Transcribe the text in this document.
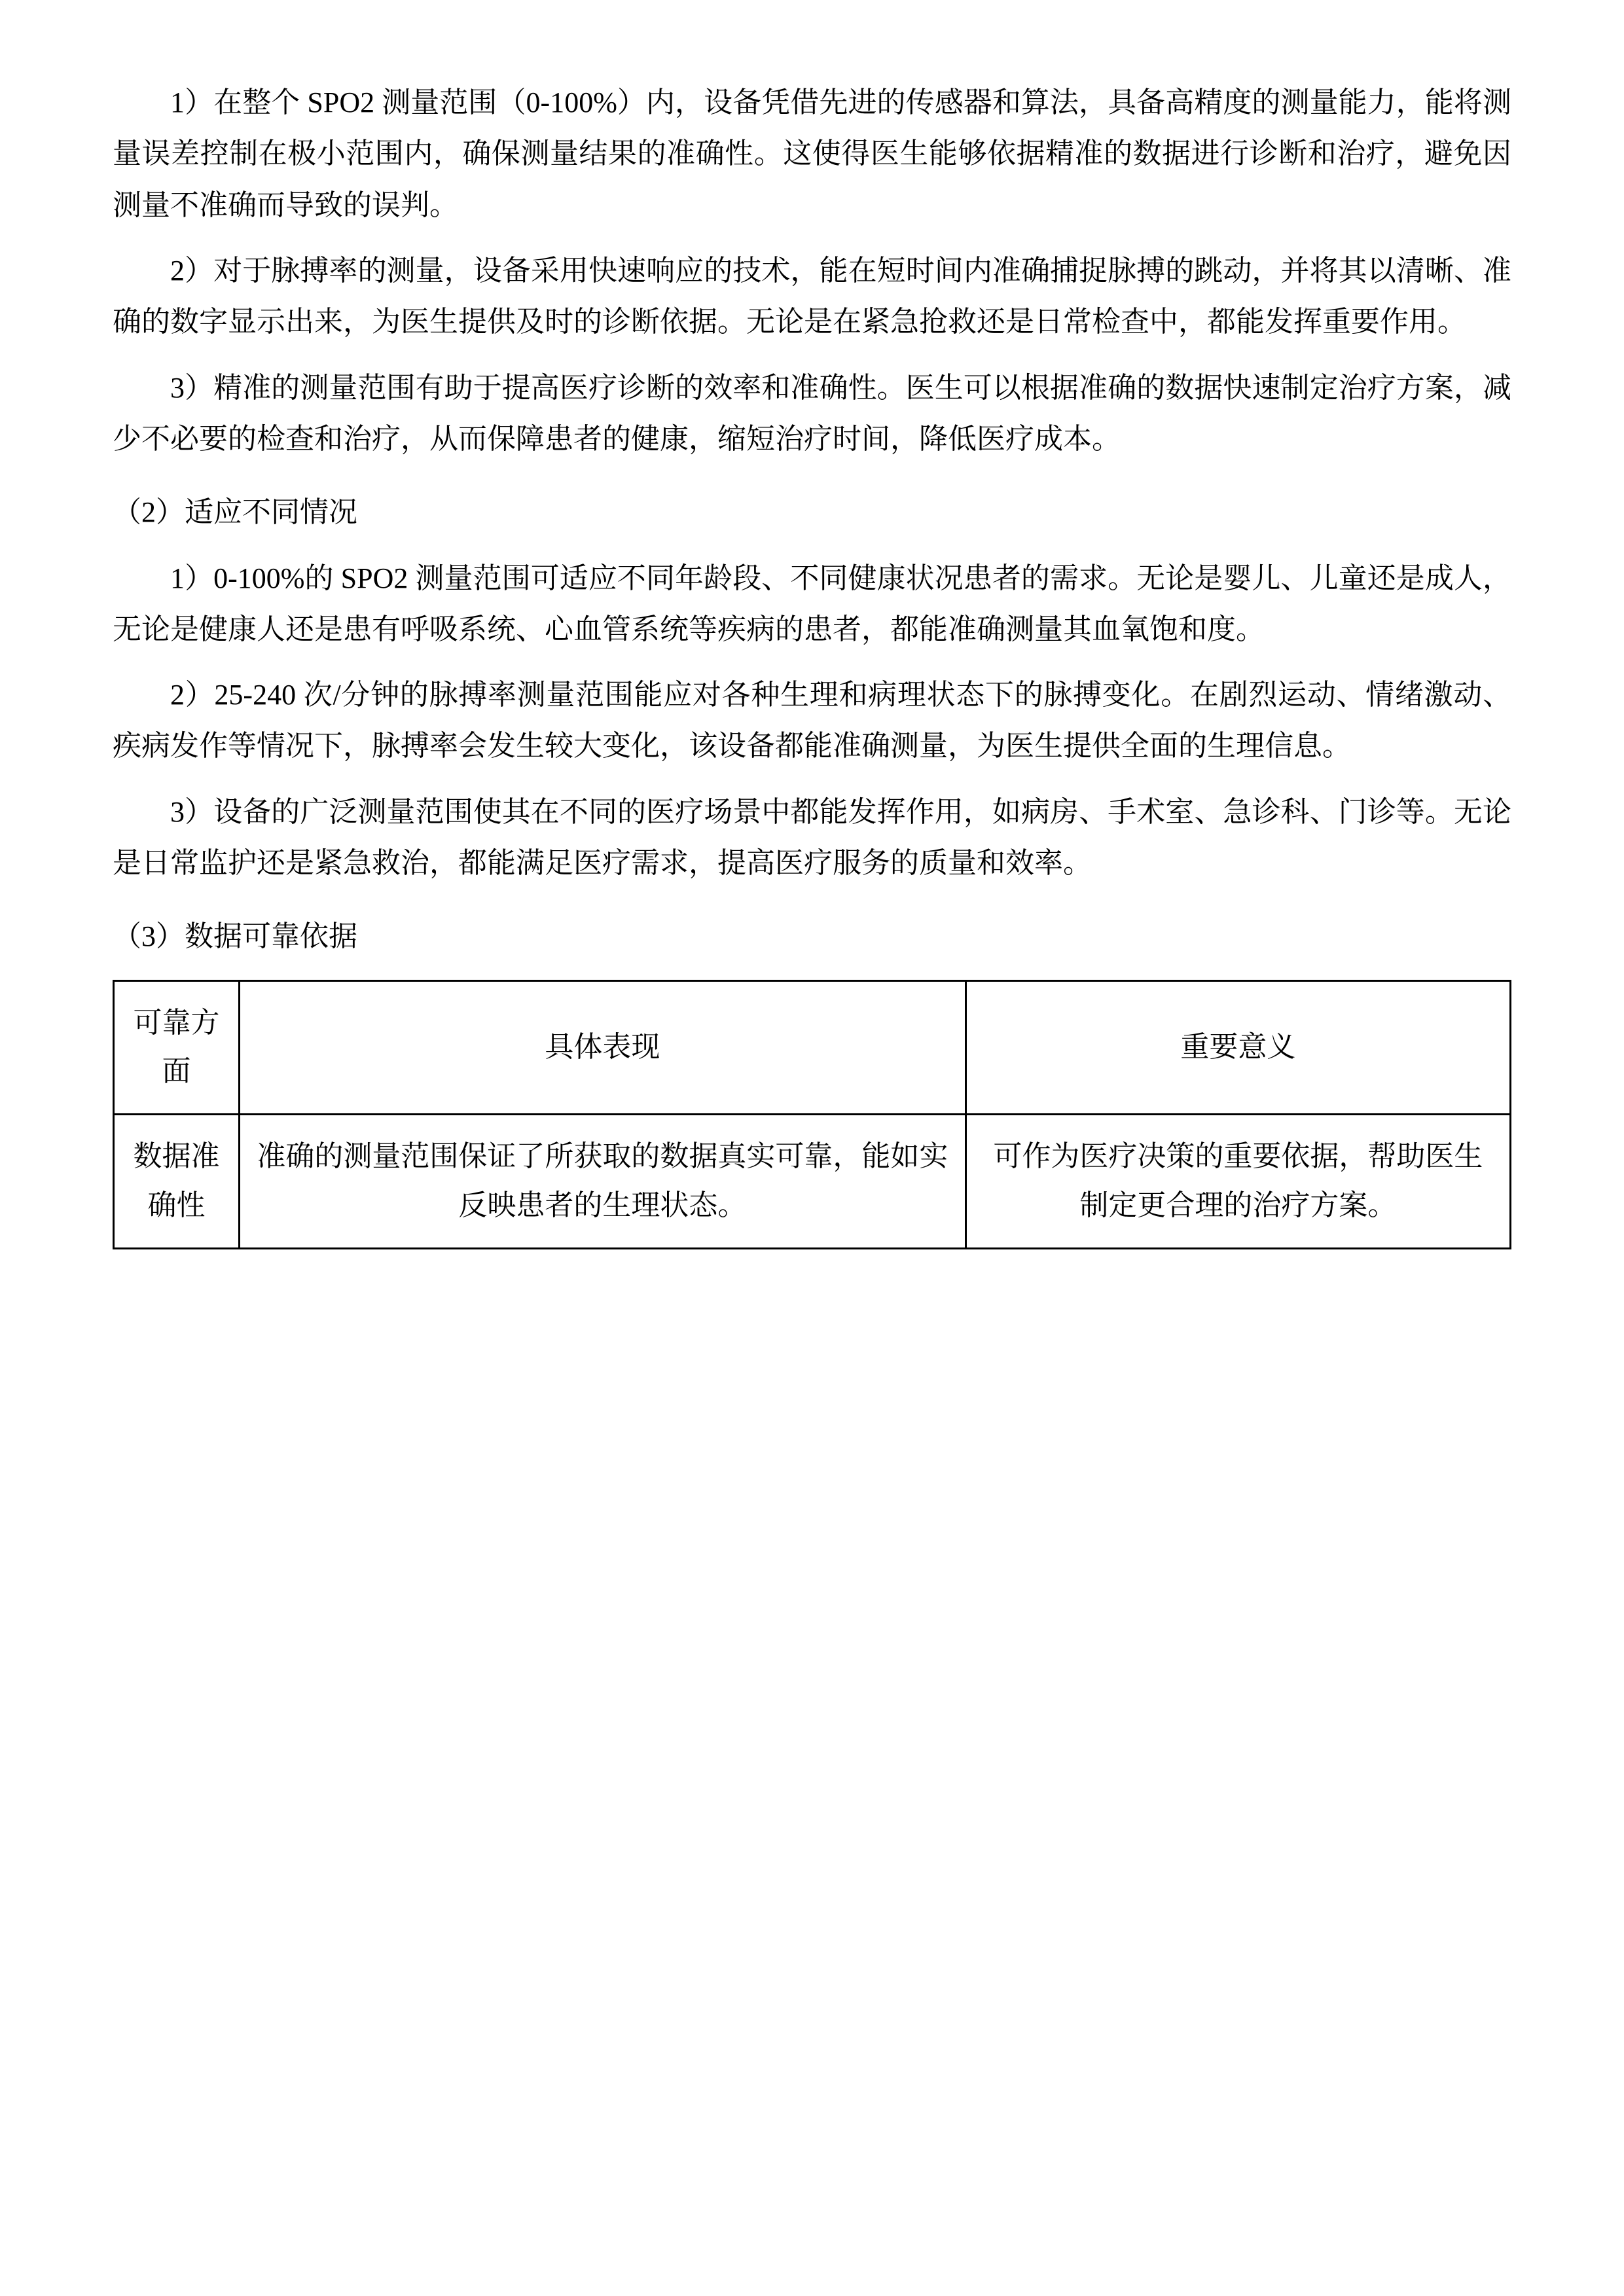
1）在整个 SPO2 测量范围（0-100%）内，设备凭借先进的传感器和算法，具备高精度的测量能力，能将测量误差控制在极小范围内，确保测量结果的准确性。这使得医生能够依据精准的数据进行诊断和治疗，避免因测量不准确而导致的误判。

2）对于脉搏率的测量，设备采用快速响应的技术，能在短时间内准确捕捉脉搏的跳动，并将其以清晰、准确的数字显示出来，为医生提供及时的诊断依据。无论是在紧急抢救还是日常检查中，都能发挥重要作用。

3）精准的测量范围有助于提高医疗诊断的效率和准确性。医生可以根据准确的数据快速制定治疗方案，减少不必要的检查和治疗，从而保障患者的健康，缩短治疗时间，降低医疗成本。

（2）适应不同情况

1）0-100%的 SPO2 测量范围可适应不同年龄段、不同健康状况患者的需求。无论是婴儿、儿童还是成人，无论是健康人还是患有呼吸系统、心血管系统等疾病的患者，都能准确测量其血氧饱和度。

2）25-240 次/分钟的脉搏率测量范围能应对各种生理和病理状态下的脉搏变化。在剧烈运动、情绪激动、疾病发作等情况下，脉搏率会发生较大变化，该设备都能准确测量，为医生提供全面的生理信息。

3）设备的广泛测量范围使其在不同的医疗场景中都能发挥作用，如病房、手术室、急诊科、门诊等。无论是日常监护还是紧急救治，都能满足医疗需求，提高医疗服务的质量和效率。

（3）数据可靠依据

可靠方面	具体表现	重要意义
数据准确性	准确的测量范围保证了所获取的数据真实可靠，能如实反映患者的生理状态。	可作为医疗决策的重要依据，帮助医生制定更合理的治疗方案。
